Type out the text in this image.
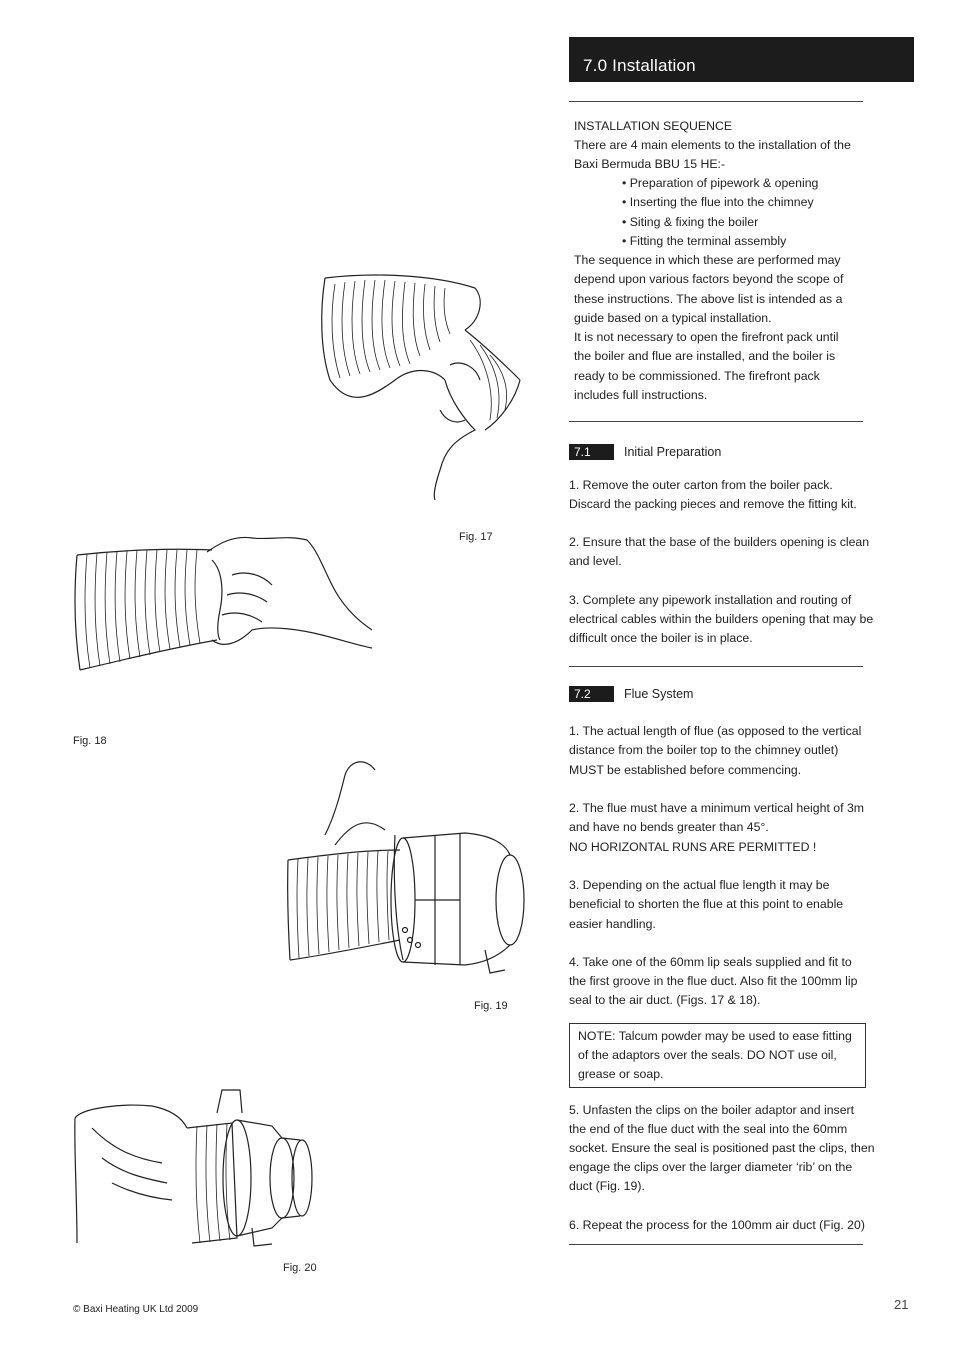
7.0 Installation
INSTALLATION SEQUENCE
There are 4 main elements to the installation of the
Baxi Bermuda BBU 15 HE:-
• Preparation of pipework & opening
• Inserting the flue into the chimney
• Siting & fixing the boiler
• Fitting the terminal assembly
The sequence in which these are performed may
depend upon various factors beyond the scope of
these instructions. The above list is intended as a
guide based on a typical installation.
It is not necessary to open the firefront pack until
the boiler and flue are installed, and the boiler is
ready to be commissioned. The firefront pack
includes full instructions.
7.1	Initial Preparation
1. Remove the outer carton from the boiler pack.
Discard the packing pieces and remove the fitting kit.
2. Ensure that the base of the builders opening is clean
and level.
3. Complete any pipework installation and routing of
electrical cables within the builders opening that may be
difficult once the boiler is in place.
7.2	Flue System
1. The actual length of flue (as opposed to the vertical
distance from the boiler top to the chimney outlet)
MUST be established before commencing.
2. The flue must have a minimum vertical height of 3m
and have no bends greater than 45°.
NO HORIZONTAL RUNS ARE PERMITTED !
3. Depending on the actual flue length it may be
beneficial to shorten the flue at this point to enable
easier handling.
4. Take one of the 60mm lip seals supplied and fit to
the first groove in the flue duct. Also fit the 100mm lip
seal to the air duct. (Figs. 17 & 18).
NOTE: Talcum powder may be used to ease fitting
of the adaptors over the seals. DO NOT use oil,
grease or soap.
5. Unfasten the clips on the boiler adaptor and insert
the end of the flue duct with the seal into the 60mm
socket. Ensure the seal is positioned past the clips, then
engage the clips over the larger diameter ‘rib’ on the
duct (Fig. 19).
6. Repeat the process for the 100mm air duct (Fig. 20)
Fig. 17
Fig. 18
Fig. 19
Fig. 20
© Baxi Heating UK Ltd 2009	21
